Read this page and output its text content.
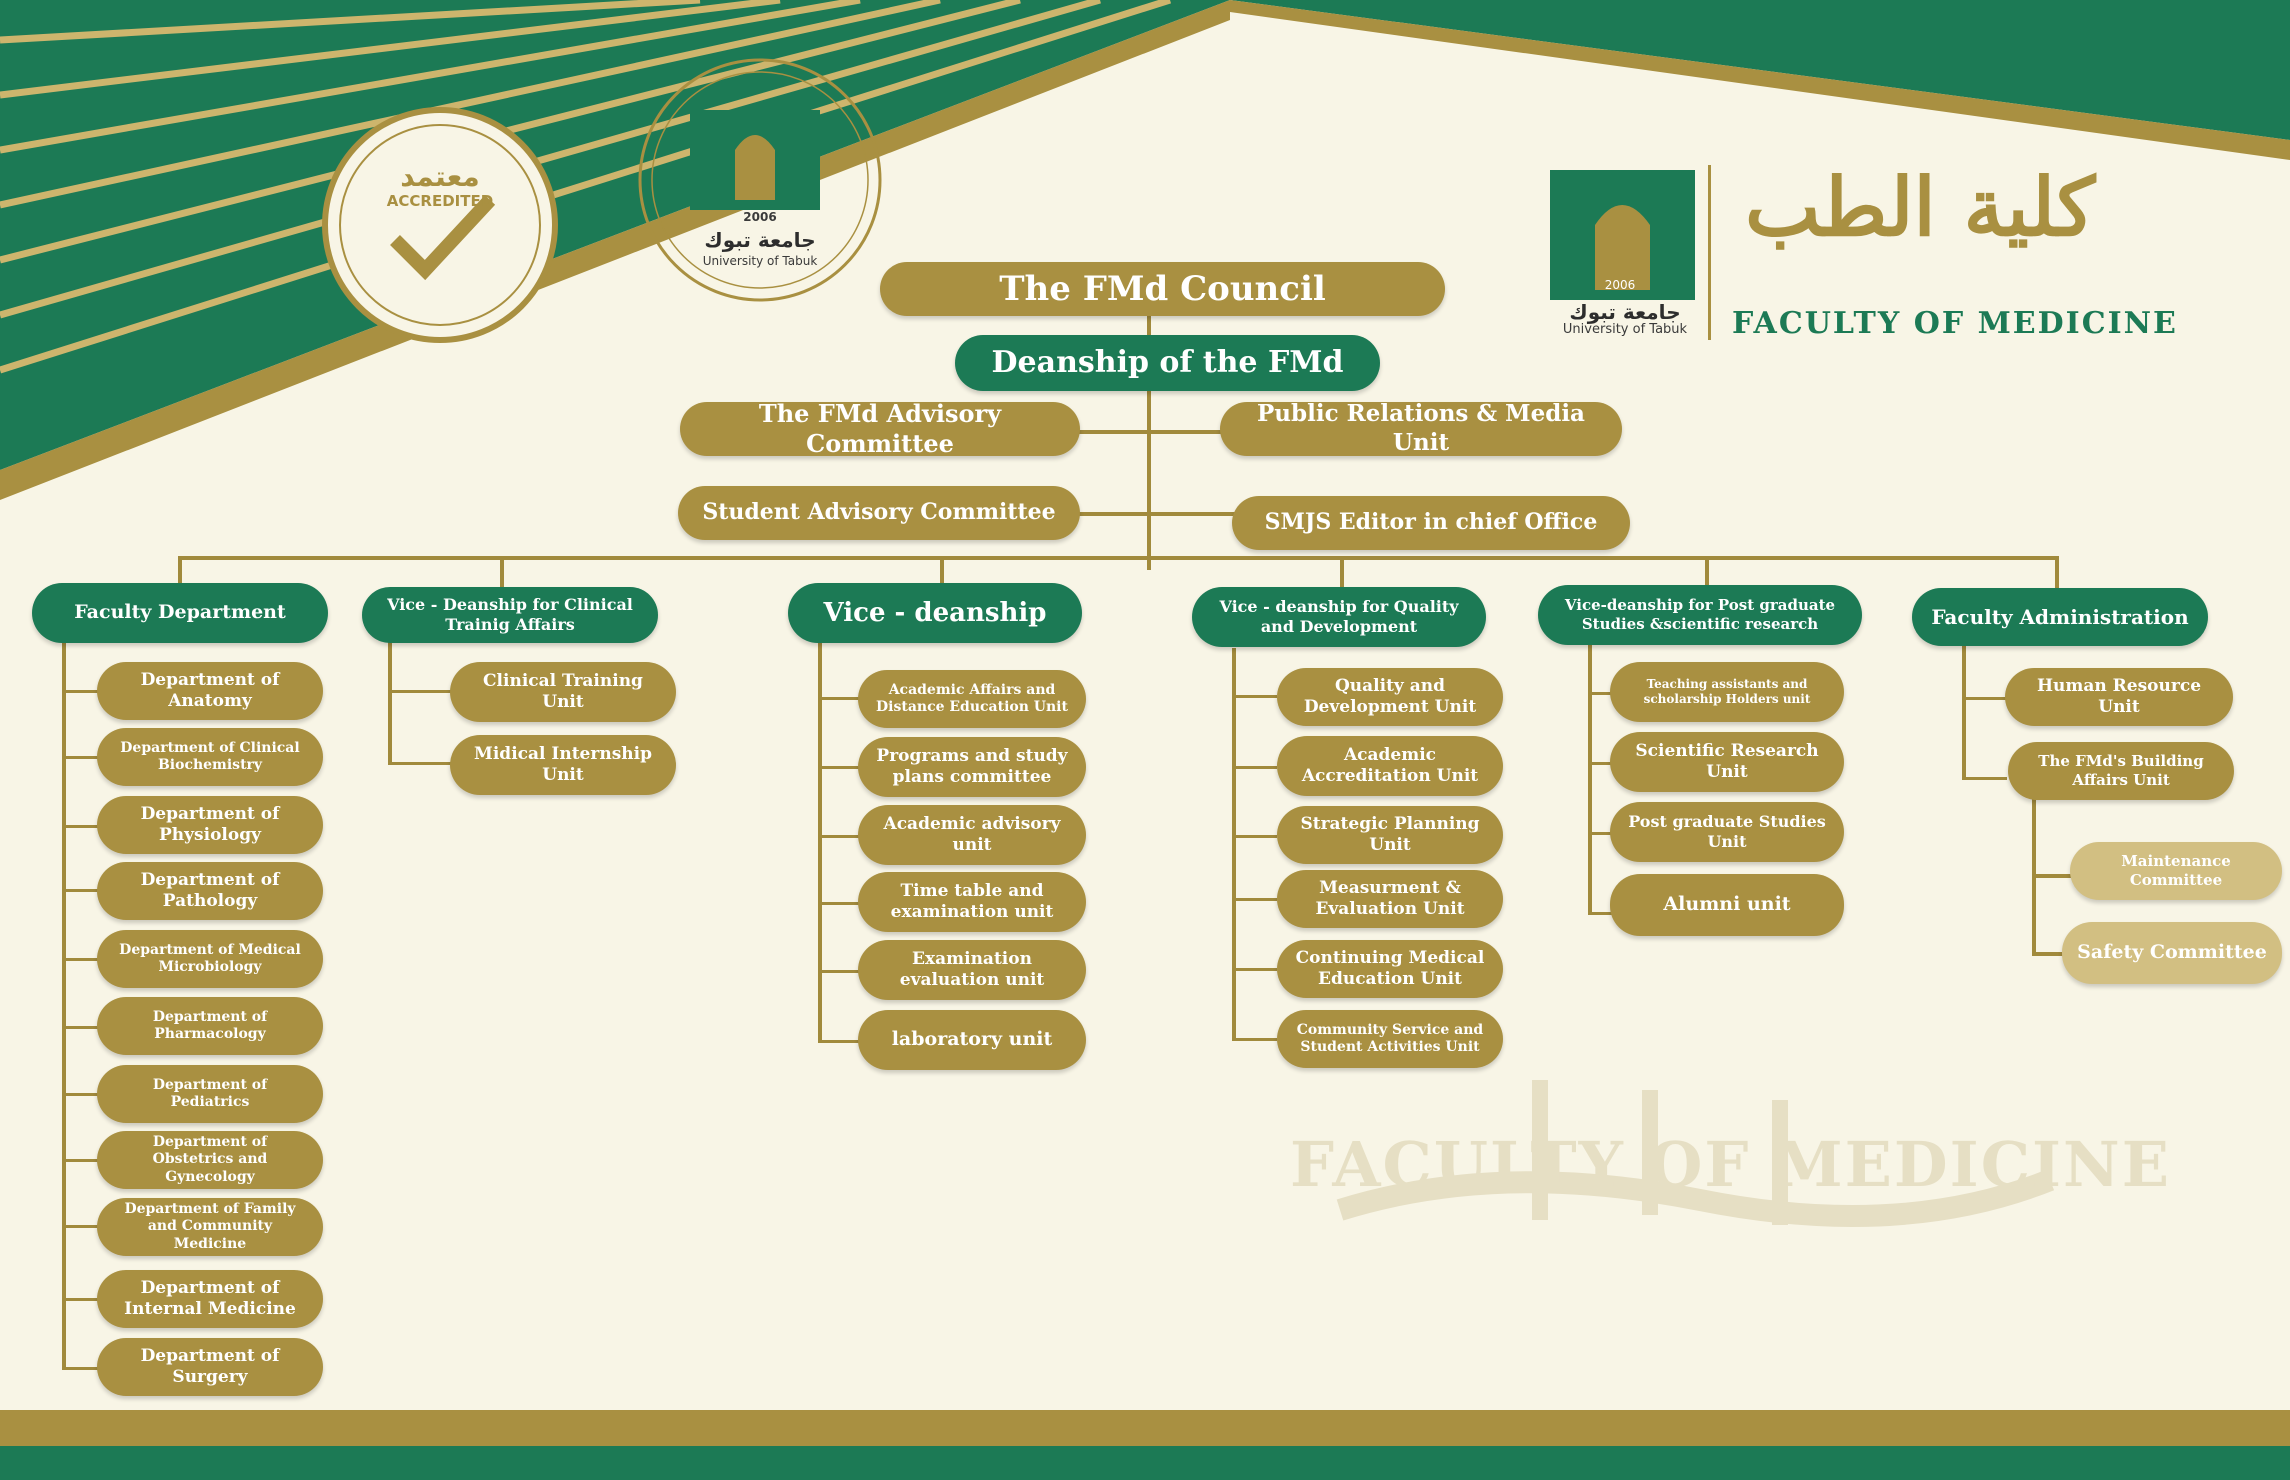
معتمد
ACCREDITED
2006
جامعة تبوك
University of Tabuk
2006
جامعة تبوك
University of Tabuk
كلية الطب
FACULTY OF MEDICINE
FACULTY OF MEDICINE
The FMd Council
Deanship of the FMd
The FMd Advisory Committee
Public Relations & Media Unit
Student Advisory Committee	SMJS Editor in chief Office
Faculty Department	Vice - Deanship for Clinical Trainig Affairs	Vice - deanship	Vice - deanship for Quality and Development
Vice-deanship for Post graduate Studies &scientific research	Faculty Administration
Department of Anatomy
Department of Clinical Biochemistry
Department of Physiology
Department of Pathology
Department of Medical Microbiology
Department of Pharmacology
Department of Pediatrics
Department of Obstetrics and Gynecology
Department of Family and Community Medicine
Department of Internal Medicine
Department of Surgery
Clinical Training Unit
Midical Internship Unit
Academic Affairs and Distance Education Unit
Programs and study plans committee
Academic advisory unit
Time table and examination unit
Examination evaluation unit
laboratory unit
Quality and Development Unit
Academic Accreditation Unit
Strategic Planning Unit
Measurment & Evaluation Unit
Continuing Medical Education Unit
Community Service and Student Activities Unit
Teaching assistants and scholarship Holders unit
Scientific Research Unit
Post graduate Studies Unit
Alumni unit
Human Resource Unit
The FMd's Building Affairs Unit
Maintenance Committee
Safety Committee
